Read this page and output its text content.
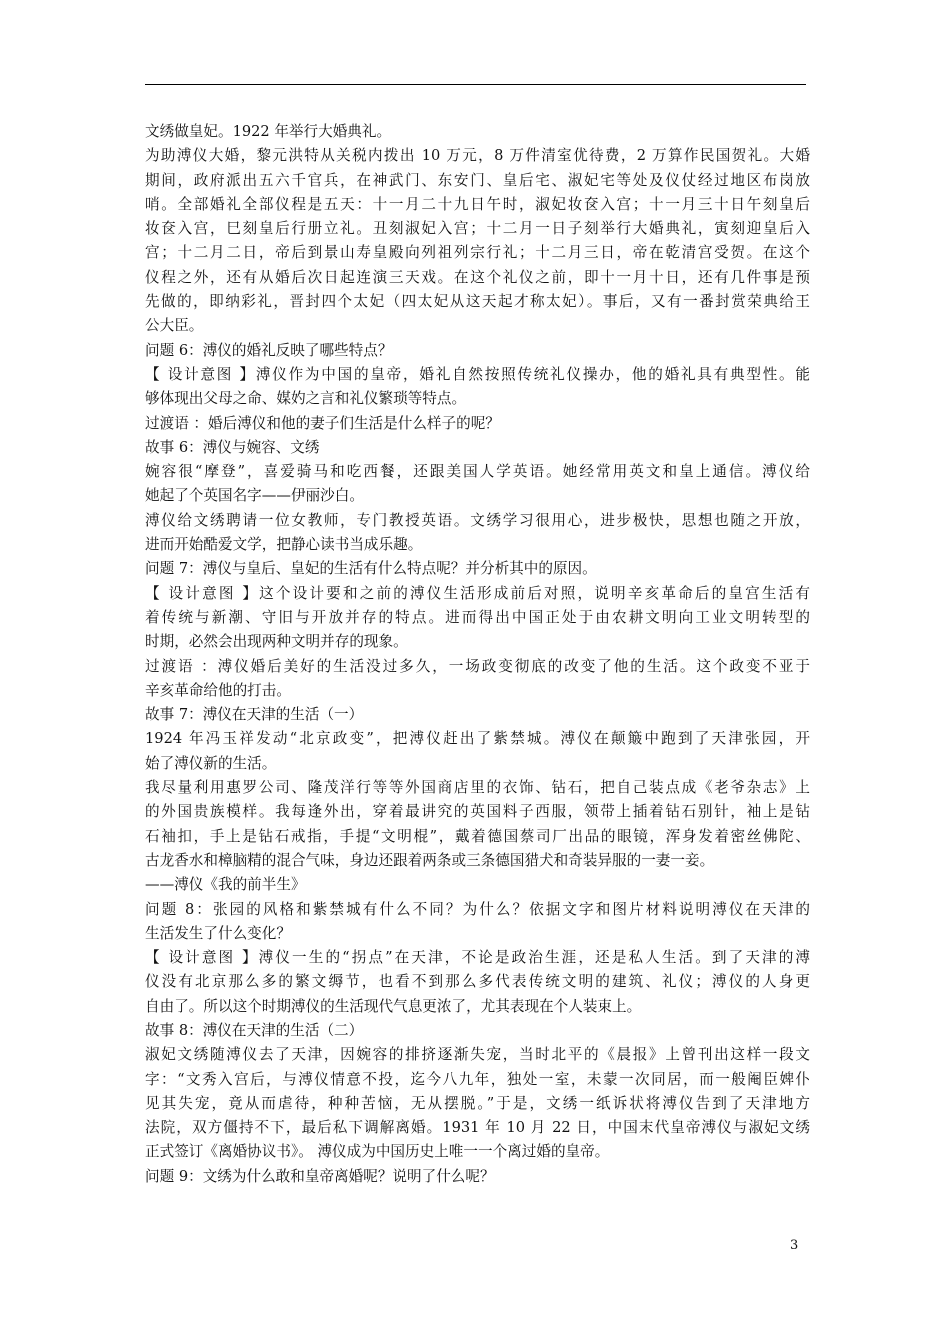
文绣做皇妃。1922 年举行大婚典礼。
为助溥仪大婚，黎元洪特从关税内拨出 10 万元，8 万件清室优待费，2 万算作民国贺礼。大婚
期间，政府派出五六千官兵，在神武门、东安门、皇后宅、淑妃宅等处及仪仗经过地区布岗放
哨。全部婚礼全部仪程是五天：十一月二十九日午时，淑妃妆奁入宫；十一月三十日午刻皇后
妆奁入宫，巳刻皇后行册立礼。丑刻淑妃入宫；十二月一日子刻举行大婚典礼，寅刻迎皇后入
宫；十二月二日，帝后到景山寿皇殿向列祖列宗行礼；十二月三日，帝在乾清宫受贺。在这个
仪程之外，还有从婚后次日起连演三天戏。在这个礼仪之前，即十一月十日，还有几件事是预
先做的，即纳彩礼，晋封四个太妃（四太妃从这天起才称太妃）。事后，又有一番封赏荣典给王
公大臣。
问题 6：溥仪的婚礼反映了哪些特点？
【 设计意图 】溥仪作为中国的皇帝，婚礼自然按照传统礼仪操办，他的婚礼具有典型性。能
够体现出父母之命、媒妁之言和礼仪繁琐等特点。
过渡语 ：婚后溥仪和他的妻子们生活是什么样子的呢？
故事 6：溥仪与婉容、文绣
婉容很“摩登”，喜爱骑马和吃西餐，还跟美国人学英语。她经常用英文和皇上通信。溥仪给
她起了个英国名字——伊丽沙白。
溥仪给文绣聘请一位女教师，专门教授英语。文绣学习很用心，进步极快，思想也随之开放，
进而开始酷爱文学，把静心读书当成乐趣。
问题 7：溥仪与皇后、皇妃的生活有什么特点呢？并分析其中的原因。
【 设计意图 】这个设计要和之前的溥仪生活形成前后对照，说明辛亥革命后的皇宫生活有
着传统与新潮、守旧与开放并存的特点。进而得出中国正处于由农耕文明向工业文明转型的
时期，必然会出现两种文明并存的现象。
过渡语 ：溥仪婚后美好的生活没过多久，一场政变彻底的改变了他的生活。这个政变不亚于
辛亥革命给他的打击。
故事 7：溥仪在天津的生活（一）
1924 年冯玉祥发动“北京政变”，把溥仪赶出了紫禁城。溥仪在颠簸中跑到了天津张园，开
始了溥仪新的生活。
我尽量利用惠罗公司、隆茂洋行等等外国商店里的衣饰、钻石，把自己装点成《老爷杂志》上
的外国贵族模样。我每逢外出，穿着最讲究的英国料子西服，领带上插着钻石别针，袖上是钻
石袖扣，手上是钻石戒指，手提“文明棍”，戴着德国蔡司厂出品的眼镜，浑身发着密丝佛陀、
古龙香水和樟脑精的混合气味，身边还跟着两条或三条德国猎犬和奇装异服的一妻一妾。
——溥仪《我的前半生》
问题 8：张园的风格和紫禁城有什么不同？为什么？依据文字和图片材料说明溥仪在天津的
生活发生了什么变化？
【 设计意图 】溥仪一生的“拐点”在天津，不论是政治生涯，还是私人生活。到了天津的溥
仪没有北京那么多的繁文缛节，也看不到那么多代表传统文明的建筑、礼仪；溥仪的人身更
自由了。所以这个时期溥仪的生活现代气息更浓了，尤其表现在个人装束上。
故事 8：溥仪在天津的生活（二）
淑妃文绣随溥仪去了天津，因婉容的排挤逐渐失宠，当时北平的《晨报》上曾刊出这样一段文
字：“文秀入宫后，与溥仪情意不投，迄今八九年，独处一室，未蒙一次同居，而一般阉臣婢仆
见其失宠，竟从而虐待，种种苦恼，无从摆脱。”于是，文绣一纸诉状将溥仪告到了天津地方
法院，双方僵持不下，最后私下调解离婚。1931 年 10 月 22 日，中国末代皇帝溥仪与淑妃文绣
正式签订《离婚协议书》。 溥仪成为中国历史上唯一一个离过婚的皇帝。
问题 9：文绣为什么敢和皇帝离婚呢？说明了什么呢？
3
